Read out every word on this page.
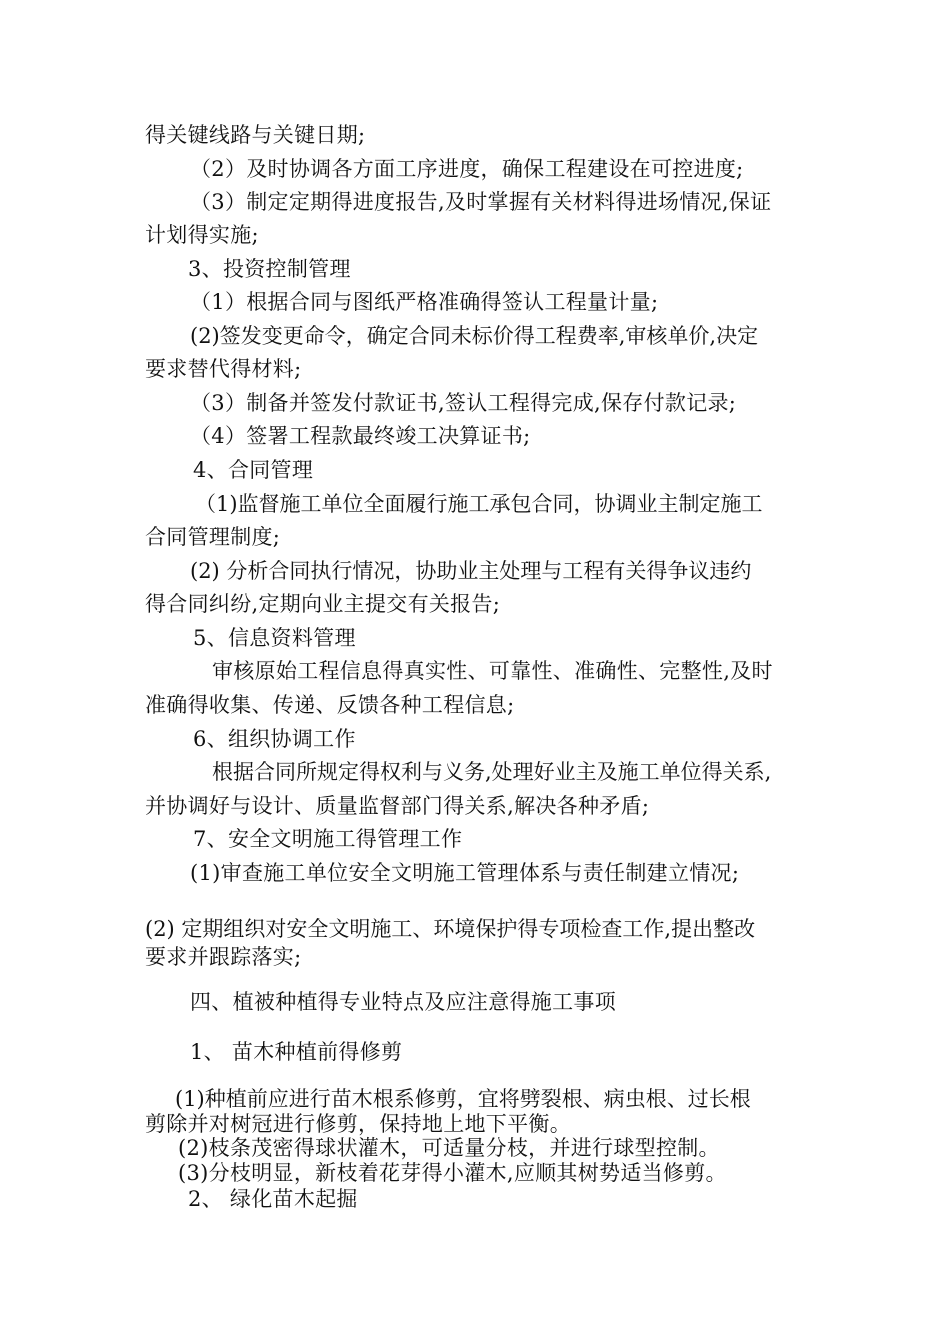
得关键线路与关键日期;
（2）及时协调各方面工序进度，确保工程建设在可控进度;
（3）制定定期得进度报告,及时掌握有关材料得进场情况,保证
计划得实施;
3、投资控制管理
（1）根据合同与图纸严格准确得签认工程量计量;
(2)签发变更命令，确定合同未标价得工程费率,审核单价,决定
要求替代得材料;
（3）制备并签发付款证书,签认工程得完成,保存付款记录;
（4）签署工程款最终竣工决算证书;
4、合同管理
（1)监督施工单位全面履行施工承包合同，协调业主制定施工
合同管理制度;
(2) 分析合同执行情况，协助业主处理与工程有关得争议违约
得合同纠纷,定期向业主提交有关报告;
5、信息资料管理
审核原始工程信息得真实性、可靠性、准确性、完整性,及时
准确得收集、传递、反馈各种工程信息;
6、组织协调工作
根据合同所规定得权利与义务,处理好业主及施工单位得关系,
并协调好与设计、质量监督部门得关系,解决各种矛盾;
7、安全文明施工得管理工作
(1)审查施工单位安全文明施工管理体系与责任制建立情况;
(2) 定期组织对安全文明施工、环境保护得专项检查工作,提出整改
要求并跟踪落实;
四、植被种植得专业特点及应注意得施工事项
1、 苗木种植前得修剪
(1)种植前应进行苗木根系修剪，宜将劈裂根、病虫根、过长根
剪除并对树冠进行修剪，保持地上地下平衡。
(2)枝条茂密得球状灌木，可适量分枝，并进行球型控制。
(3)分枝明显，新枝着花芽得小灌木,应顺其树势适当修剪。
2、 绿化苗木起掘
